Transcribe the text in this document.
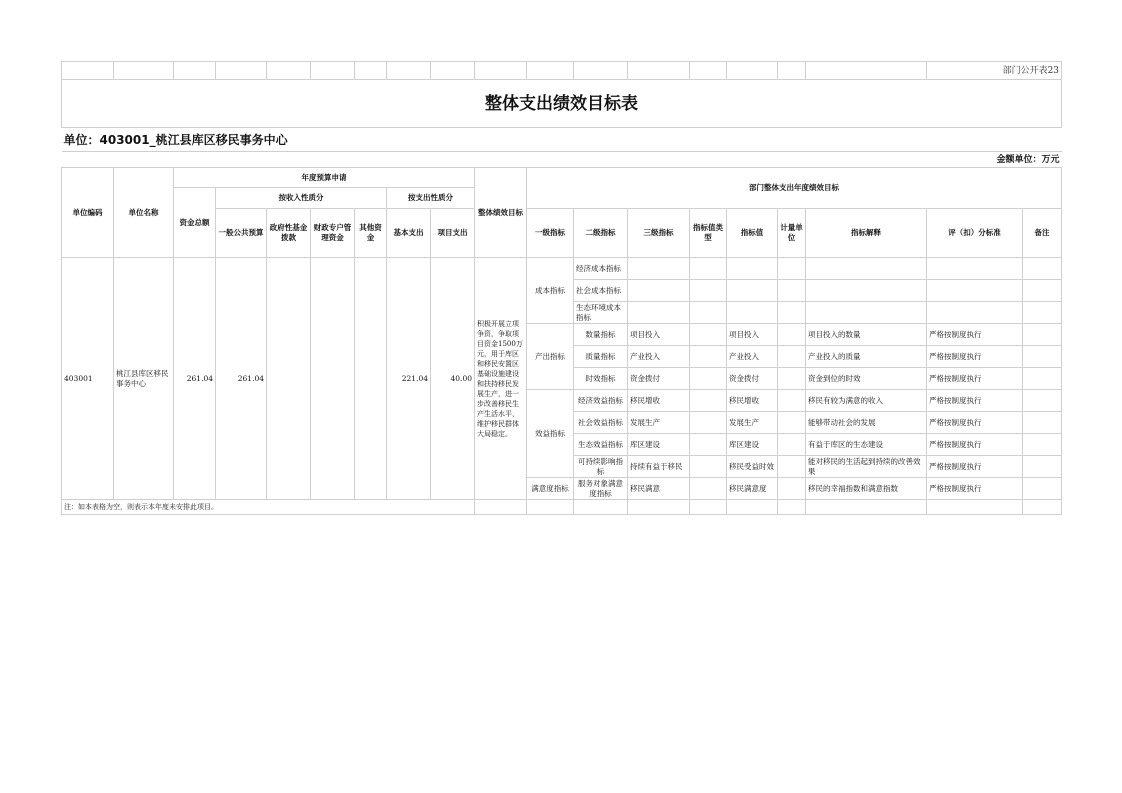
																	部门公开表23	
整体支出绩效目标表																		
单位：403001_桃江县库区移民事务中心																		
金额单位：万元																		
单位编码	单位名称	年度预算申请							整体绩效目标	部门整体支出年度绩效目标								
		资金总额	按收入性质分				按支出性质分											
			一般公共预算	政府性基金拨款	财政专户管理资金	其他资金	基本支出	项目支出		一级指标	二级指标	三级指标	指标值类型	指标值	计量单位	指标解释	评（扣）分标准	备注
403001	桃江县库区移民事务中心	261.04	261.04				221.04	40.00	积极开展立项争资，争取项目资金1500万元，用于库区和移民安置区基础设施建设和扶持移民发展生产，进一步改善移民生产生活水平，维护移民群体大局稳定。	成本指标	经济成本指标							
											社会成本指标							
											生态环境成本指标							
										产出指标	数量指标	项目投入		项目投入		项目投入的数量	严格按制度执行	
											质量指标	产业投入		产业投入		产业投入的质量	严格按制度执行	
											时效指标	资金拨付		资金拨付		资金到位的时效	严格按制度执行	
										效益指标	经济效益指标	移民增收		移民增收		移民有较为满意的收入	严格按制度执行	
											社会效益指标	发展生产		发展生产		能够带动社会的发展	严格按制度执行	
											生态效益指标	库区建设		库区建设		有益于库区的生态建设	严格按制度执行	
											可持续影响指标	持续有益于移民		移民受益时效		能对移民的生活起到持续的改善效果	严格按制度执行	
										满意度指标	服务对象满意度指标	移民满意		移民满意度		移民的幸福指数和满意指数	严格按制度执行	
注：如本表格为空，则表示本年度未安排此项目。																		
